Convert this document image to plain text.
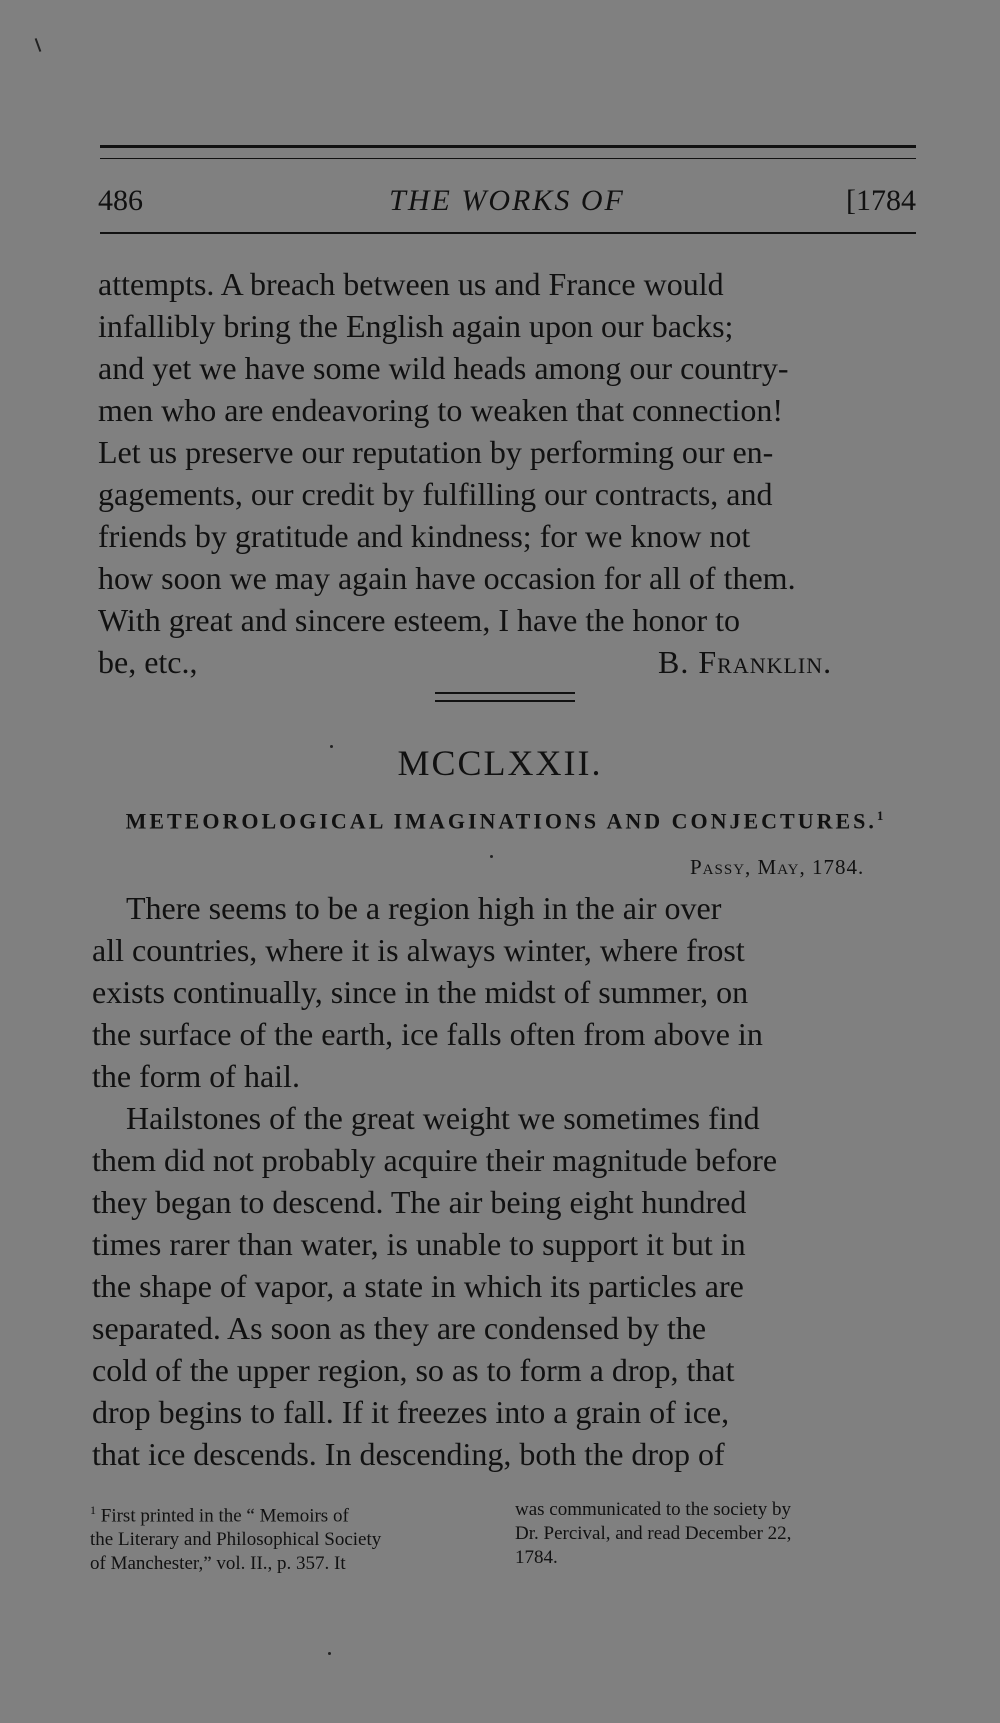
486	THE WORKS OF	[1784
attempts. A breach between us and France would
infallibly bring the English again upon our backs;
and yet we have some wild heads among our country-
men who are endeavoring to weaken that connection!
Let us preserve our reputation by performing our en-
gagements, our credit by fulfilling our contracts, and
friends by gratitude and kindness; for we know not
how soon we may again have occasion for all of them.
With great and sincere esteem, I have the honor to
be, etc.,	B. Franklin.
MCCLXXII.
METEOROLOGICAL IMAGINATIONS AND CONJECTURES.$^1$
Passy, May, 1784.
There seems to be a region high in the air over
all countries, where it is always winter, where frost
exists continually, since in the midst of summer, on
the surface of the earth, ice falls often from above in
the form of hail.
Hailstones of the great weight we sometimes find
them did not probably acquire their magnitude before
they began to descend. The air being eight hundred
times rarer than water, is unable to support it but in
the shape of vapor, a state in which its particles are
separated. As soon as they are condensed by the
cold of the upper region, so as to form a drop, that
drop begins to fall. If it freezes into a grain of ice,
that ice descends. In descending, both the drop of
$^1$ First printed in the “ Memoirs of
the Literary and Philosophical Society
of Manchester,” vol. II., p. 357. It
was communicated to the society by
Dr. Percival, and read December 22,
1784.
